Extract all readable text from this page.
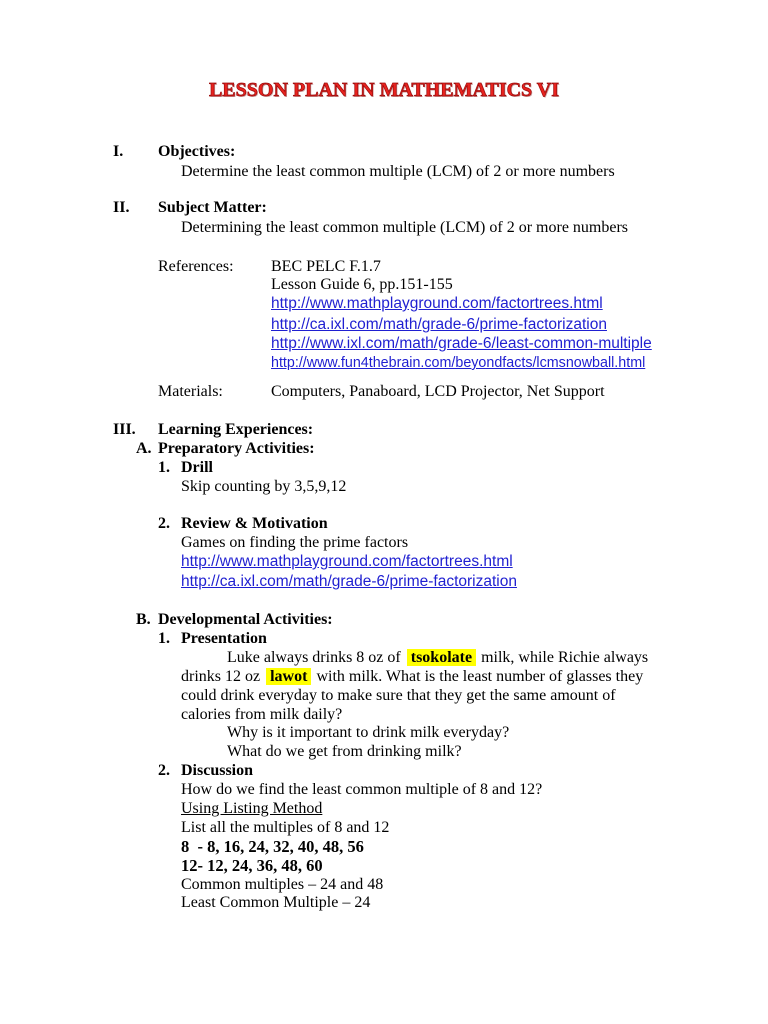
LESSON PLAN IN MATHEMATICS VI
I. Objectives:
Determine the least common multiple (LCM) of 2 or more numbers
II. Subject Matter:
Determining the least common multiple (LCM) of 2 or more numbers
References: BEC PELC F.1.7
Lesson Guide 6, pp.151-155
http://www.mathplayground.com/factortrees.html
http://ca.ixl.com/math/grade-6/prime-factorization
http://www.ixl.com/math/grade-6/least-common-multiple
http://www.fun4thebrain.com/beyondfacts/lcmsnowball.html
Materials:	Computers, Panaboard, LCD Projector, Net Support
III. Learning Experiences:
A. Preparatory Activities:
1. Drill
Skip counting by 3,5,9,12
2. Review & Motivation
Games on finding the prime factors
http://www.mathplayground.com/factortrees.html
http://ca.ixl.com/math/grade-6/prime-factorization
B. Developmental Activities:
1. Presentation
Luke always drinks 8 oz of tsokolate milk, while Richie always
drinks 12 oz lawot with milk. What is the least number of glasses they
could drink everyday to make sure that they get the same amount of
calories from milk daily?
Why is it important to drink milk everyday?
What do we get from drinking milk?
2. Discussion
How do we find the least common multiple of 8 and 12?
Using Listing Method
List all the multiples of 8 and 12
8  - 8, 16, 24, 32, 40, 48, 56
12- 12, 24, 36, 48, 60
Common multiples – 24 and 48
Least Common Multiple – 24
